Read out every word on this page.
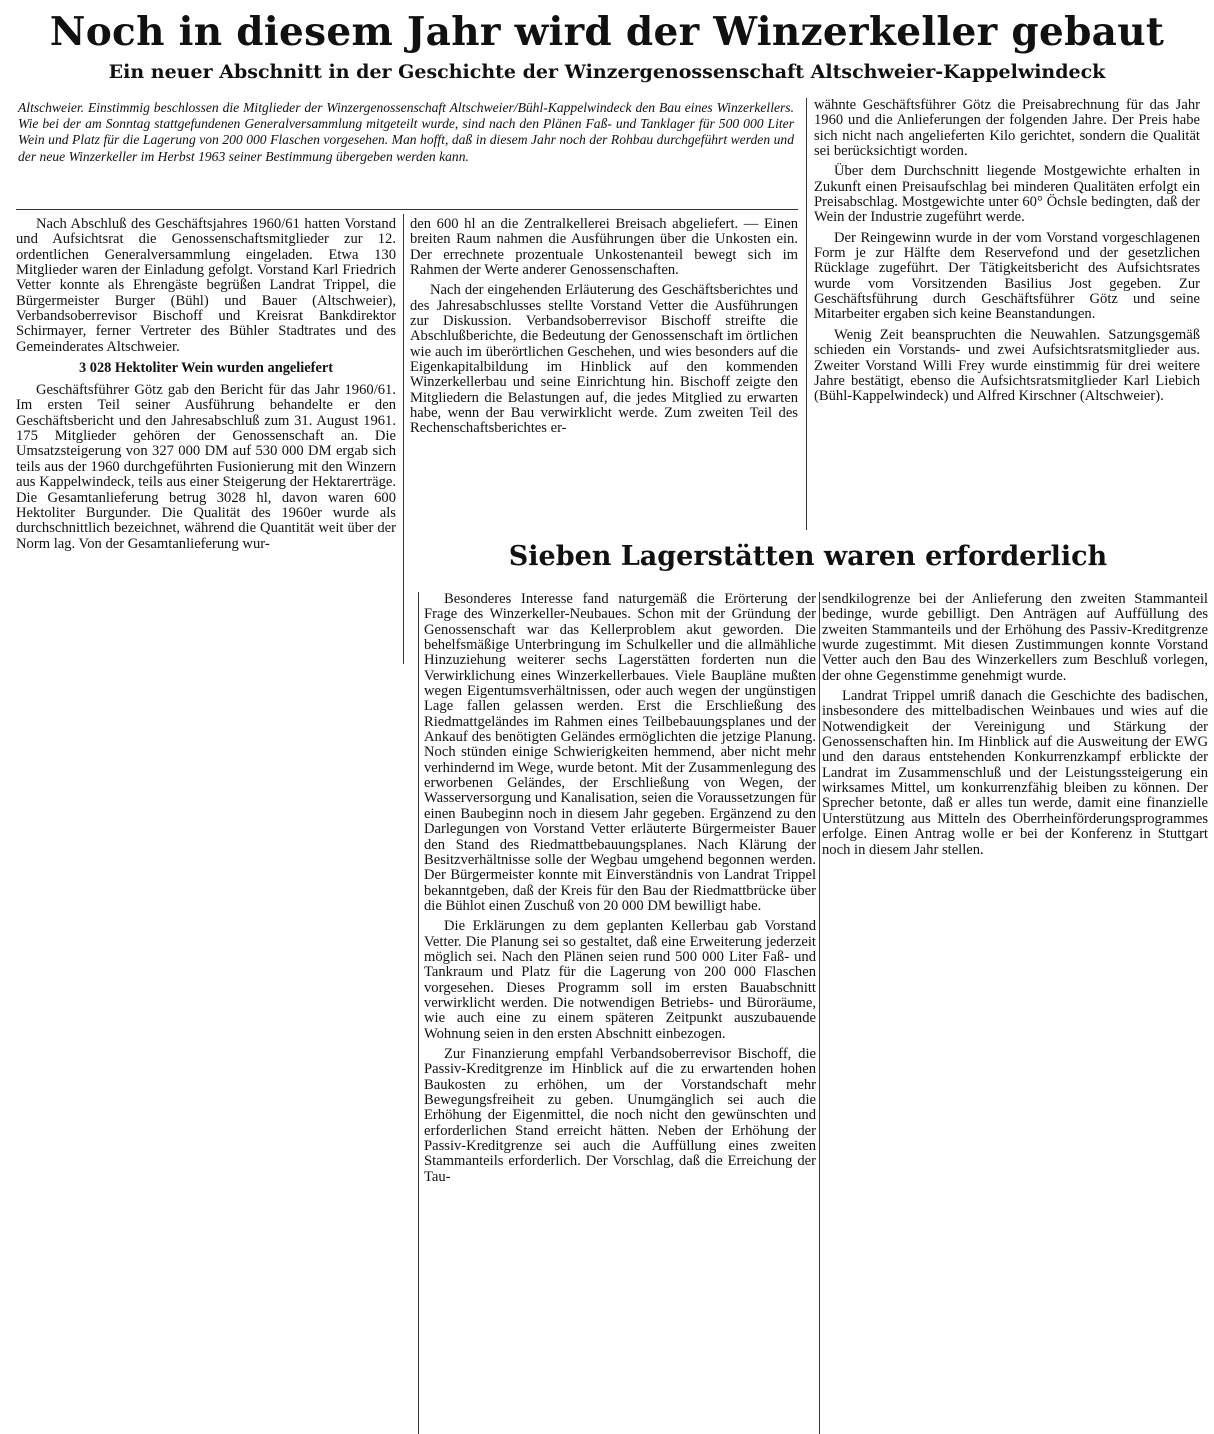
Noch in diesem Jahr wird der Winzerkeller gebaut
Ein neuer Abschnitt in der Geschichte der Winzergenossenschaft Altschweier-Kappelwindeck
Altschweier. Einstimmig beschlossen die Mitglieder der Winzergenossenschaft Altschweier/Bühl-Kappelwindeck den Bau eines Winzerkellers. Wie bei der am Sonntag stattgefundenen Generalversammlung mitgeteilt wurde, sind nach den Plänen Faß- und Tanklager für 500 000 Liter Wein und Platz für die Lagerung von 200 000 Flaschen vorgesehen. Man hofft, daß in diesem Jahr noch der Rohbau durchgeführt werden und der neue Winzerkeller im Herbst 1963 seiner Bestimmung übergeben werden kann.

Nach Abschluß des Geschäftsjahres 1960/61 hatten Vorstand und Aufsichtsrat die Genossenschaftsmitglieder zur 12. ordentlichen Generalversammlung eingeladen. Etwa 130 Mitglieder waren der Einladung gefolgt. Vorstand Karl Friedrich Vetter konnte als Ehrengäste begrüßen Landrat Trippel, die Bürgermeister Burger (Bühl) und Bauer (Altschweier), Verbandsoberrevisor Bischoff und Kreisrat Bankdirektor Schirmayer, ferner Vertreter des Bühler Stadtrates und des Gemeinderates Altschweier.

3 028 Hektoliter Wein wurden angeliefert

Geschäftsführer Götz gab den Bericht für das Jahr 1960/61. Im ersten Teil seiner Ausführung behandelte er den Geschäftsbericht und den Jahresabschluß zum 31. August 1961. 175 Mitglieder gehören der Genossenschaft an. Die Umsatzsteigerung von 327 000 DM auf 530 000 DM ergab sich teils aus der 1960 durchgeführten Fusionierung mit den Winzern aus Kappelwindeck, teils aus einer Steigerung der Hektarerträge. Die Gesamtanlieferung betrug 3028 hl, davon waren 600 Hektoliter Burgunder. Die Qualität des 1960er wurde als durchschnittlich bezeichnet, während die Quantität weit über der Norm lag. Von der Gesamtanlieferung wur-

den 600 hl an die Zentralkellerei Breisach abgeliefert. — Einen breiten Raum nahmen die Ausführungen über die Unkosten ein. Der errechnete prozentuale Unkostenanteil bewegt sich im Rahmen der Werte anderer Genossenschaften.

Nach der eingehenden Erläuterung des Geschäftsberichtes und des Jahresabschlusses stellte Vorstand Vetter die Ausführungen zur Diskussion. Verbandsoberrevisor Bischoff streifte die Abschlußberichte, die Bedeutung der Genossenschaft im örtlichen wie auch im überörtlichen Geschehen, und wies besonders auf die Eigenkapitalbildung im Hinblick auf den kommenden Winzerkellerbau und seine Einrichtung hin. Bischoff zeigte den Mitgliedern die Belastungen auf, die jedes Mitglied zu erwarten habe, wenn der Bau verwirklicht werde. Zum zweiten Teil des Rechenschaftsberichtes er-

wähnte Geschäftsführer Götz die Preisabrechnung für das Jahr 1960 und die Anlieferungen der folgenden Jahre. Der Preis habe sich nicht nach angelieferten Kilo gerichtet, sondern die Qualität sei berücksichtigt worden.

Über dem Durchschnitt liegende Mostgewichte erhalten in Zukunft einen Preisaufschlag bei minderen Qualitäten erfolgt ein Preisabschlag. Mostgewichte unter 60° Öchsle bedingten, daß der Wein der Industrie zugeführt werde.

Der Reingewinn wurde in der vom Vorstand vorgeschlagenen Form je zur Hälfte dem Reservefond und der gesetzlichen Rücklage zugeführt. Der Tätigkeitsbericht des Aufsichtsrates wurde vom Vorsitzenden Basilius Jost gegeben. Zur Geschäftsführung durch Geschäftsführer Götz und seine Mitarbeiter ergaben sich keine Beanstandungen.

Wenig Zeit beanspruchten die Neuwahlen. Satzungsgemäß schieden ein Vorstands- und zwei Aufsichtsratsmitglieder aus. Zweiter Vorstand Willi Frey wurde einstimmig für drei weitere Jahre bestätigt, ebenso die Aufsichtsratsmitglieder Karl Liebich (Bühl-Kappelwindeck) und Alfred Kirschner (Altschweier).

Sieben Lagerstätten waren erforderlich

Besonderes Interesse fand naturgemäß die Erörterung der Frage des Winzerkeller-Neubaues. Schon mit der Gründung der Genossenschaft war das Kellerproblem akut geworden. Die behelfsmäßige Unterbringung im Schulkeller und die allmähliche Hinzuziehung weiterer sechs Lagerstätten forderten nun die Verwirklichung eines Winzerkellerbaues. Viele Baupläne mußten wegen Eigentumsverhältnissen, oder auch wegen der ungünstigen Lage fallen gelassen werden. Erst die Erschließung des Riedmattgeländes im Rahmen eines Teilbebauungsplanes und der Ankauf des benötigten Geländes ermöglichten die jetzige Planung. Noch stünden einige Schwierigkeiten hemmend, aber nicht mehr verhindernd im Wege, wurde betont. Mit der Zusammenlegung des erworbenen Geländes, der Erschließung von Wegen, der Wasserversorgung und Kanalisation, seien die Voraussetzungen für einen Baubeginn noch in diesem Jahr gegeben. Ergänzend zu den Darlegungen von Vorstand Vetter erläuterte Bürgermeister Bauer den Stand des Riedmattbebauungsplanes. Nach Klärung der Besitzverhältnisse solle der Wegbau umgehend begonnen werden. Der Bürgermeister konnte mit Einverständnis von Landrat Trippel bekanntgeben, daß der Kreis für den Bau der Riedmattbrücke über die Bühlot einen Zuschuß von 20 000 DM bewilligt habe.

Die Erklärungen zu dem geplanten Kellerbau gab Vorstand Vetter. Die Planung sei so gestaltet, daß eine Erweiterung jederzeit möglich sei. Nach den Plänen seien rund 500 000 Liter Faß- und Tankraum und Platz für die Lagerung von 200 000 Flaschen vorgesehen. Dieses Programm soll im ersten Bauabschnitt verwirklicht werden. Die notwendigen Betriebs- und Büroräume, wie auch eine zu einem späteren Zeitpunkt auszubauende Wohnung seien in den ersten Abschnitt einbezogen.

Zur Finanzierung empfahl Verbandsoberrevisor Bischoff, die Passiv-Kreditgrenze im Hinblick auf die zu erwartenden hohen Baukosten zu erhöhen, um der Vorstandschaft mehr Bewegungsfreiheit zu geben. Unumgänglich sei auch die Erhöhung der Eigenmittel, die noch nicht den gewünschten und erforderlichen Stand erreicht hätten. Neben der Erhöhung der Passiv-Kreditgrenze sei auch die Auffüllung eines zweiten Stammanteils erforderlich. Der Vorschlag, daß die Erreichung der Tau-

sendkilogrenze bei der Anlieferung den zweiten Stammanteil bedinge, wurde gebilligt. Den Anträgen auf Auffüllung des zweiten Stammanteils und der Erhöhung des Passiv-Kreditgrenze wurde zugestimmt. Mit diesen Zustimmungen konnte Vorstand Vetter auch den Bau des Winzerkellers zum Beschluß vorlegen, der ohne Gegenstimme genehmigt wurde.

Landrat Trippel umriß danach die Geschichte des badischen, insbesondere des mittelbadischen Weinbaues und wies auf die Notwendigkeit der Vereinigung und Stärkung der Genossenschaften hin. Im Hinblick auf die Ausweitung der EWG und den daraus entstehenden Konkurrenzkampf erblickte der Landrat im Zusammenschluß und der Leistungssteigerung ein wirksames Mittel, um konkurrenzfähig bleiben zu können. Der Sprecher betonte, daß er alles tun werde, damit eine finanzielle Unterstützung aus Mitteln des Oberrheinförderungsprogrammes erfolge. Einen Antrag wolle er bei der Konferenz in Stuttgart noch in diesem Jahr stellen.
